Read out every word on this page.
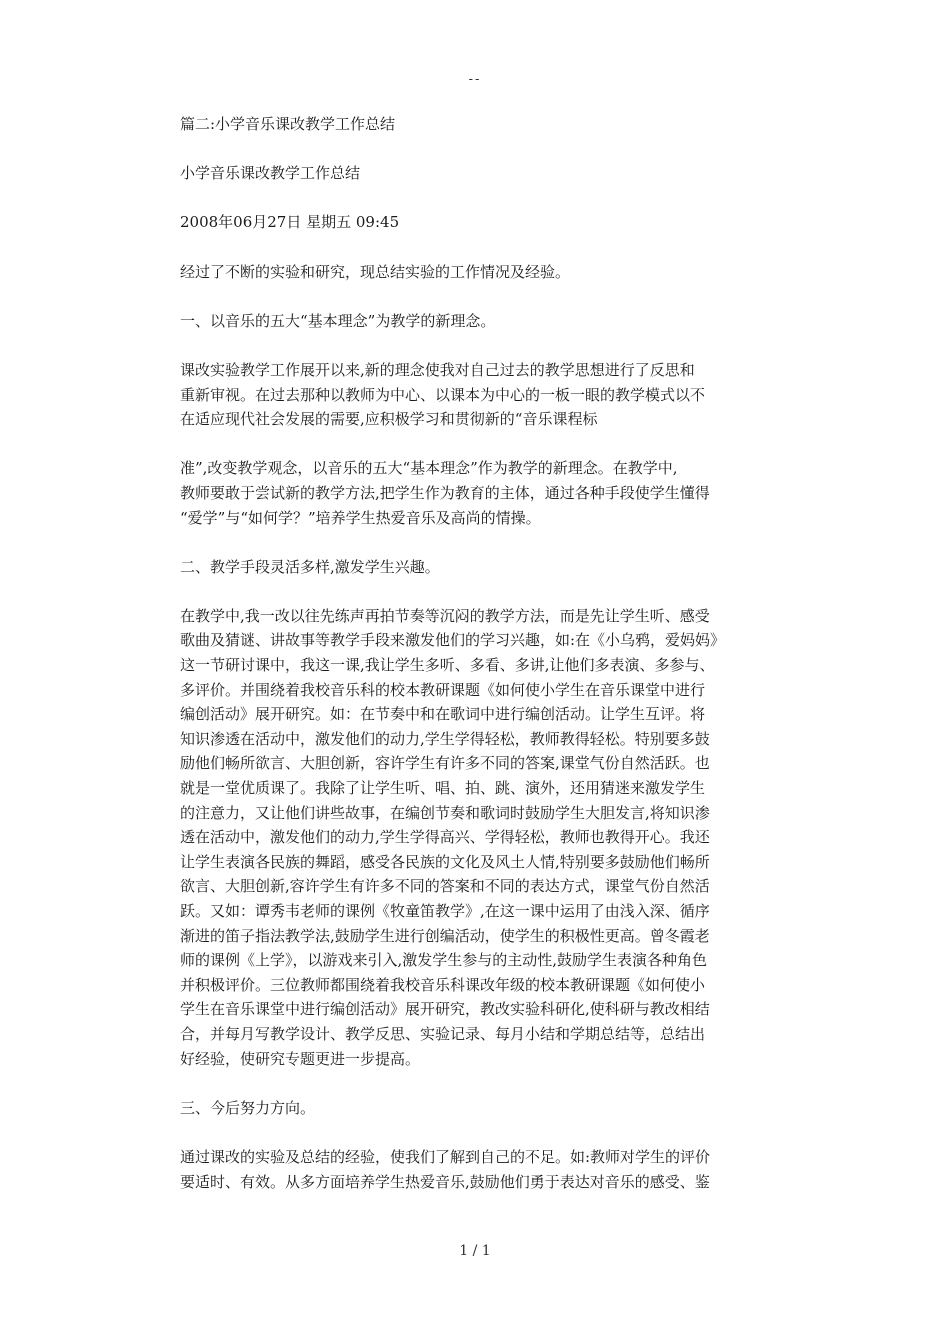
--

篇二:小学音乐课改教学工作总结

小学音乐课改教学工作总结

2008年06月27日 星期五 09:45

经过了不断的实验和研究，现总结实验的工作情况及经验。

一、以音乐的五大“基本理念”为教学的新理念。

课改实验教学工作展开以来,新的理念使我对自己过去的教学思想进行了反思和

重新审视。在过去那种以教师为中心、以课本为中心的一板一眼的教学模式以不

在适应现代社会发展的需要,应积极学习和贯彻新的“音乐课程标

准”,改变教学观念，以音乐的五大“基本理念”作为教学的新理念。在教学中,

教师要敢于尝试新的教学方法,把学生作为教育的主体，通过各种手段使学生懂得

“爱学”与“如何学？”培养学生热爱音乐及高尚的情操。

二、教学手段灵活多样,激发学生兴趣。

在教学中,我一改以往先练声再拍节奏等沉闷的教学方法，而是先让学生听、感受

歌曲及猜谜、讲故事等教学手段来激发他们的学习兴趣，如:在《小乌鸦，爱妈妈》

这一节研讨课中，我这一课,我让学生多听、多看、多讲,让他们多表演、多参与、

多评价。并围绕着我校音乐科的校本教研课题《如何使小学生在音乐课堂中进行

编创活动》展开研究。如：在节奏中和在歌词中进行编创活动。让学生互评。将

知识渗透在活动中，激发他们的动力,学生学得轻松，教师教得轻松。特别要多鼓

励他们畅所欲言、大胆创新，容许学生有许多不同的答案,课堂气份自然活跃。也

就是一堂优质课了。我除了让学生听、唱、拍、跳、演外，还用猜迷来激发学生

的注意力，又让他们讲些故事，在编创节奏和歌词时鼓励学生大胆发言,将知识渗

透在活动中，激发他们的动力,学生学得高兴、学得轻松，教师也教得开心。我还

让学生表演各民族的舞蹈，感受各民族的文化及风土人情,特别要多鼓励他们畅所

欲言、大胆创新,容许学生有许多不同的答案和不同的表达方式，课堂气份自然活

跃。又如：谭秀韦老师的课例《牧童笛教学》,在这一课中运用了由浅入深、循序

渐进的笛子指法教学法,鼓励学生进行创编活动，使学生的积极性更高。曾冬霞老

师的课例《上学》，以游戏来引入,激发学生参与的主动性,鼓励学生表演各种角色

并积极评价。三位教师都围绕着我校音乐科课改年级的校本教研课题《如何使小

学生在音乐课堂中进行编创活动》展开研究，教改实验科研化,使科研与教改相结

合，并每月写教学设计、教学反思、实验记录、每月小结和学期总结等，总结出

好经验，使研究专题更进一步提高。

三、今后努力方向。

通过课改的实验及总结的经验，使我们了解到自己的不足。如:教师对学生的评价

要适时、有效。从多方面培养学生热爱音乐,鼓励他们勇于表达对音乐的感受、鉴

1 / 1
